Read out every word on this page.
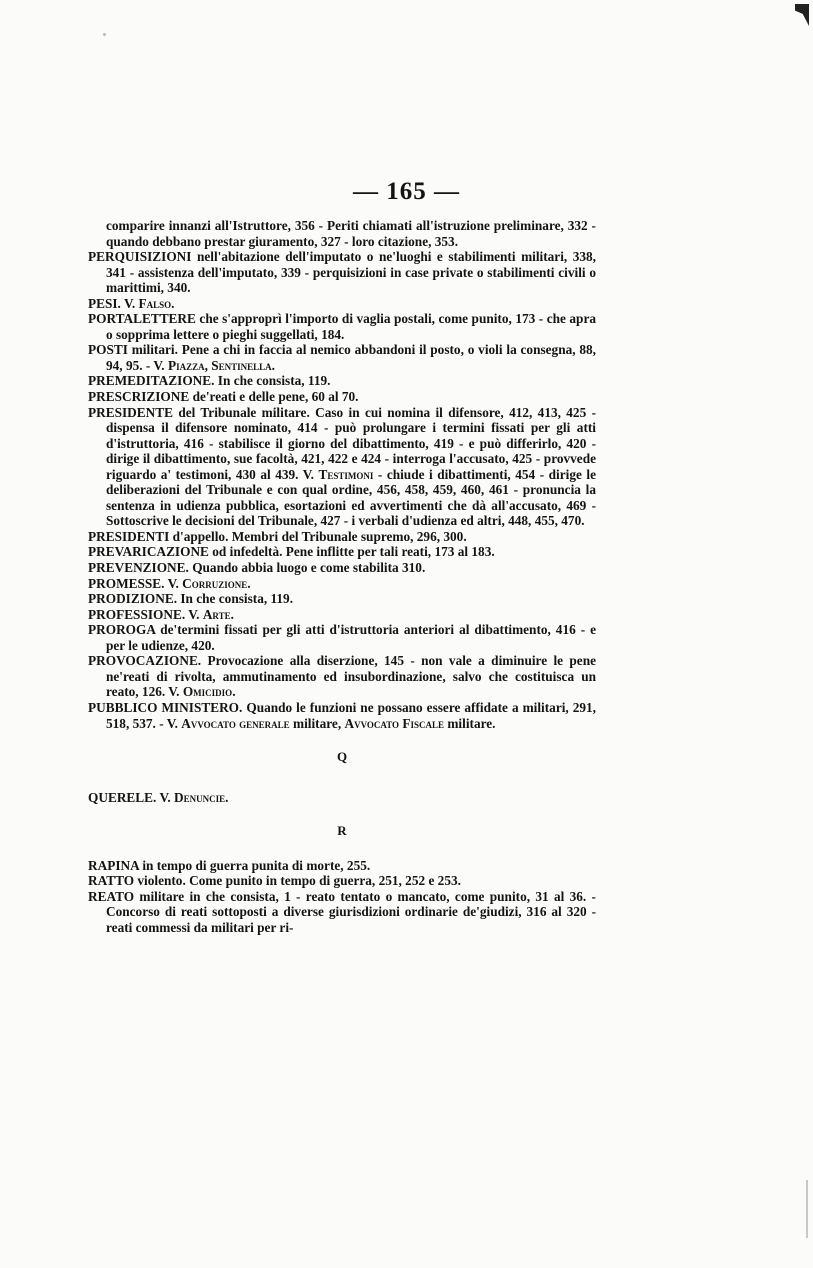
— 165 —

comparire innanzi all'Istruttore, 356 - Periti chiamati all'istruzione preliminare, 332 - quando debbano prestar giuramento, 327 - loro citazione, 353.

PERQUISIZIONI nell'abitazione dell'imputato o ne'luoghi e stabilimenti militari, 338, 341 - assistenza dell'imputato, 339 - perquisizioni in case private o stabilimenti civili o marittimi, 340.

PESI. V. Falso.

PORTALETTERE che s'approprì l'importo di vaglia postali, come punito, 173 - che apra o sopprima lettere o pieghi suggellati, 184.

POSTI militari. Pene a chi in faccia al nemico abbandoni il posto, o violi la consegna, 88, 94, 95. - V. Piazza, Sentinella.

PREMEDITAZIONE. In che consista, 119.

PRESCRIZIONE de'reati e delle pene, 60 al 70.

PRESIDENTE del Tribunale militare. Caso in cui nomina il difensore, 412, 413, 425 - dispensa il difensore nominato, 414 - può prolungare i termini fissati per gli atti d'istruttoria, 416 - stabilisce il giorno del dibattimento, 419 - e può differirlo, 420 - dirige il dibattimento, sue facoltà, 421, 422 e 424 - interroga l'accusato, 425 - provvede riguardo a' testimoni, 430 al 439. V. Testimoni - chiude i dibattimenti, 454 - dirige le deliberazioni del Tribunale e con qual ordine, 456, 458, 459, 460, 461 - pronuncia la sentenza in udienza pubblica, esortazioni ed avvertimenti che dà all'accusato, 469 - Sottoscrive le decisioni del Tribunale, 427 - i verbali d'udienza ed altri, 448, 455, 470.

PRESIDENTI d'appello. Membri del Tribunale supremo, 296, 300.

PREVARICAZIONE od infedeltà. Pene inflitte per tali reati, 173 al 183.

PREVENZIONE. Quando abbia luogo e come stabilita 310.

PROMESSE. V. Corruzione.

PRODIZIONE. In che consista, 119.

PROFESSIONE. V. Arte.

PROROGA de'termini fissati per gli atti d'istruttoria anteriori al dibattimento, 416 - e per le udienze, 420.

PROVOCAZIONE. Provocazione alla diserzione, 145 - non vale a diminuire le pene ne'reati di rivolta, ammutinamento ed insubordinazione, salvo che costituisca un reato, 126. V. Omicidio.

PUBBLICO MINISTERO. Quando le funzioni ne possano essere affidate a militari, 291, 518, 537. - V. Avvocato generale militare, Avvocato Fiscale militare.

Q

QUERELE. V. Denuncie.

R

RAPINA in tempo di guerra punita di morte, 255.

RATTO violento. Come punito in tempo di guerra, 251, 252 e 253.

REATO militare in che consista, 1 - reato tentato o mancato, come punito, 31 al 36. - Concorso di reati sottoposti a diverse giurisdizioni ordinarie de'giudizi, 316 al 320 - reati commessi da militari per ri-
